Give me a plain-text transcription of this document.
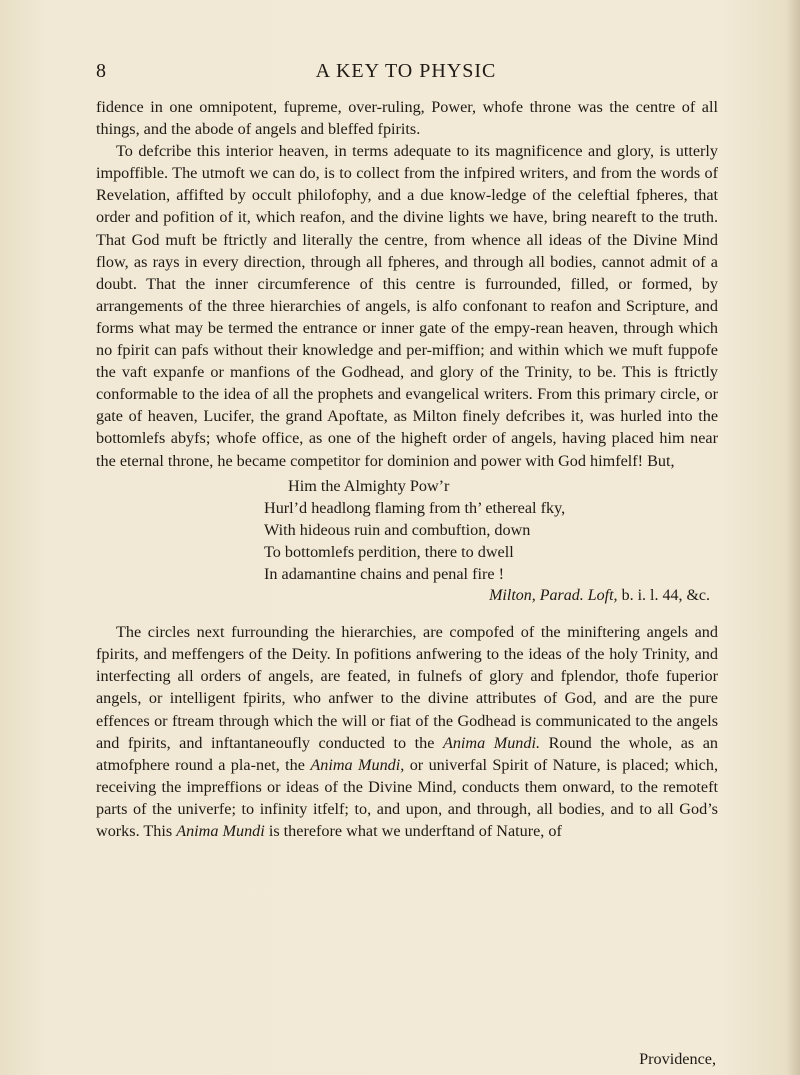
8	A KEY TO PHYSIC

fidence in one omnipotent, fupreme, over-ruling, Power, whofe throne was the centre of all things, and the abode of angels and bleffed fpirits.

To defcribe this interior heaven, in terms adequate to its magnificence and glory, is utterly impoffible. The utmoft we can do, is to collect from the infpired writers, and from the words of Revelation, affifted by occult philofophy, and a due know-ledge of the celeftial fpheres, that order and pofition of it, which reafon, and the divine lights we have, bring neareft to the truth. That God muft be ftrictly and literally the centre, from whence all ideas of the Divine Mind flow, as rays in every direction, through all fpheres, and through all bodies, cannot admit of a doubt. That the inner circumference of this centre is furrounded, filled, or formed, by arrangements of the three hierarchies of angels, is alfo confonant to reafon and Scripture, and forms what may be termed the entrance or inner gate of the empy-rean heaven, through which no fpirit can pafs without their knowledge and per-miffion; and within which we muft fuppofe the vaft expanfe or manfions of the Godhead, and glory of the Trinity, to be. This is ftrictly conformable to the idea of all the prophets and evangelical writers. From this primary circle, or gate of heaven, Lucifer, the grand Apoftate, as Milton finely defcribes it, was hurled into the bottomlefs abyfs; whofe office, as one of the higheft order of angels, having placed him near the eternal throne, he became competitor for dominion and power with God himfelf! But,

Him the Almighty Pow’r
Hurl’d headlong flaming from th’ ethereal fky,
With hideous ruin and combuftion, down
To bottomlefs perdition, there to dwell
In adamantine chains and penal fire !
Milton, Parad. Loft, b. i. l. 44, &c.

The circles next furrounding the hierarchies, are compofed of the miniftering angels and fpirits, and meffengers of the Deity. In pofitions anfwering to the ideas of the holy Trinity, and interfecting all orders of angels, are feated, in fulnefs of glory and fplendor, thofe fuperior angels, or intelligent fpirits, who anfwer to the divine attributes of God, and are the pure effences or ftream through which the will or fiat of the Godhead is communicated to the angels and fpirits, and inftantaneoufly conducted to the Anima Mundi. Round the whole, as an atmofphere round a pla-net, the Anima Mundi, or univerfal Spirit of Nature, is placed; which, receiving the impreffions or ideas of the Divine Mind, conducts them onward, to the remoteft parts of the univerfe; to infinity itfelf; to, and upon, and through, all bodies, and to all God’s works. This Anima Mundi is therefore what we underftand of Nature, of

Providence,
